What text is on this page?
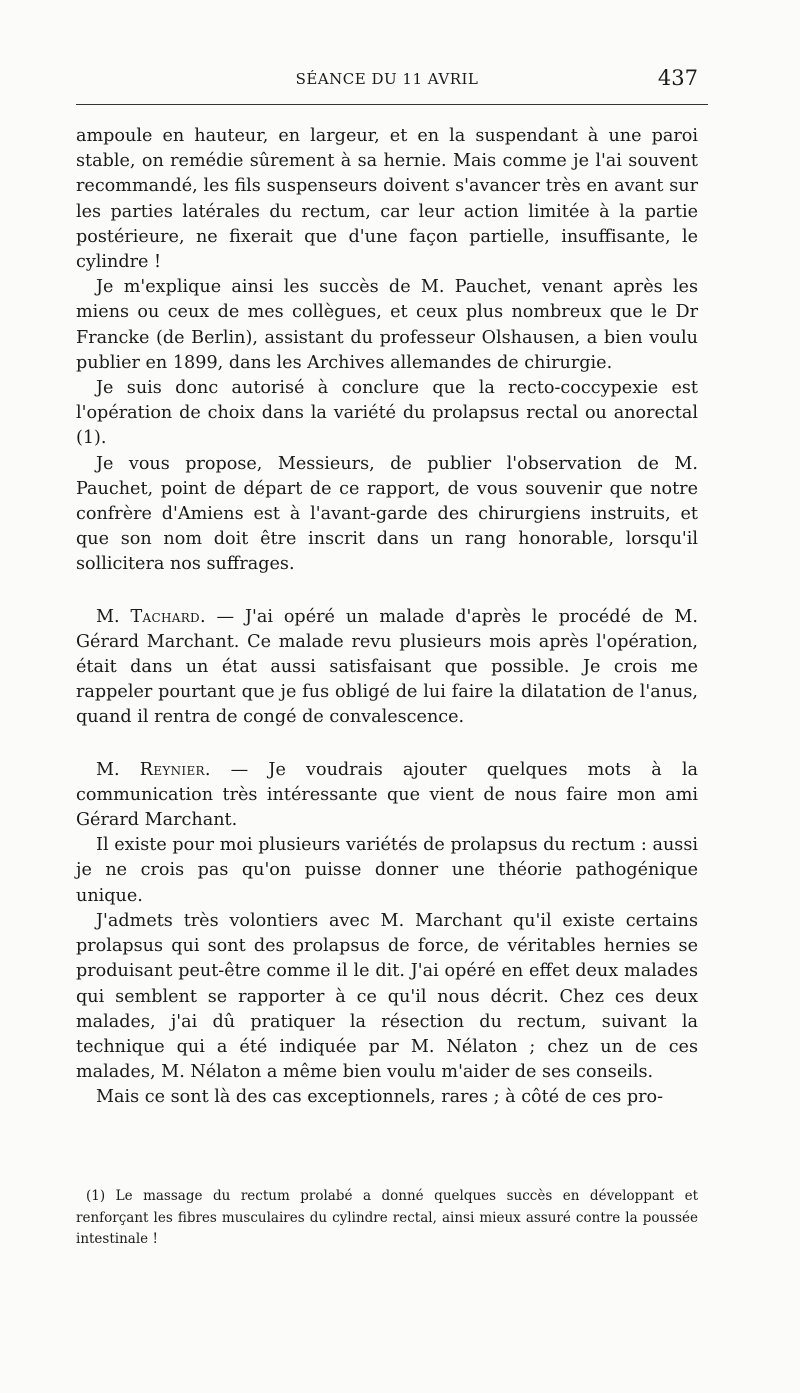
SÉANCE DU 11 AVRIL	437

ampoule en hauteur, en largeur, et en la suspendant à une paroi stable, on remédie sûrement à sa hernie. Mais comme je l'ai souvent recommandé, les fils suspenseurs doivent s'avancer très en avant sur les parties latérales du rectum, car leur action limitée à la partie postérieure, ne fixerait que d'une façon partielle, insuffisante, le cylindre !

Je m'explique ainsi les succès de M. Pauchet, venant après les miens ou ceux de mes collègues, et ceux plus nombreux que le Dr Francke (de Berlin), assistant du professeur Olshausen, a bien voulu publier en 1899, dans les Archives allemandes de chirurgie.

Je suis donc autorisé à conclure que la recto-coccypexie est l'opération de choix dans la variété du prolapsus rectal ou anorectal (1).

Je vous propose, Messieurs, de publier l'observation de M. Pauchet, point de départ de ce rapport, de vous souvenir que notre confrère d'Amiens est à l'avant-garde des chirurgiens instruits, et que son nom doit être inscrit dans un rang honorable, lorsqu'il sollicitera nos suffrages.

M. Tachard. — J'ai opéré un malade d'après le procédé de M. Gérard Marchant. Ce malade revu plusieurs mois après l'opération, était dans un état aussi satisfaisant que possible. Je crois me rappeler pourtant que je fus obligé de lui faire la dilatation de l'anus, quand il rentra de congé de convalescence.

M. Reynier. — Je voudrais ajouter quelques mots à la communication très intéressante que vient de nous faire mon ami Gérard Marchant.

Il existe pour moi plusieurs variétés de prolapsus du rectum : aussi je ne crois pas qu'on puisse donner une théorie pathogénique unique.

J'admets très volontiers avec M. Marchant qu'il existe certains prolapsus qui sont des prolapsus de force, de véritables hernies se produisant peut-être comme il le dit. J'ai opéré en effet deux malades qui semblent se rapporter à ce qu'il nous décrit. Chez ces deux malades, j'ai dû pratiquer la résection du rectum, suivant la technique qui a été indiquée par M. Nélaton ; chez un de ces malades, M. Nélaton a même bien voulu m'aider de ses conseils.

Mais ce sont là des cas exceptionnels, rares ; à côté de ces pro-

(1) Le massage du rectum prolabé a donné quelques succès en développant et renforçant les fibres musculaires du cylindre rectal, ainsi mieux assuré contre la poussée intestinale !
